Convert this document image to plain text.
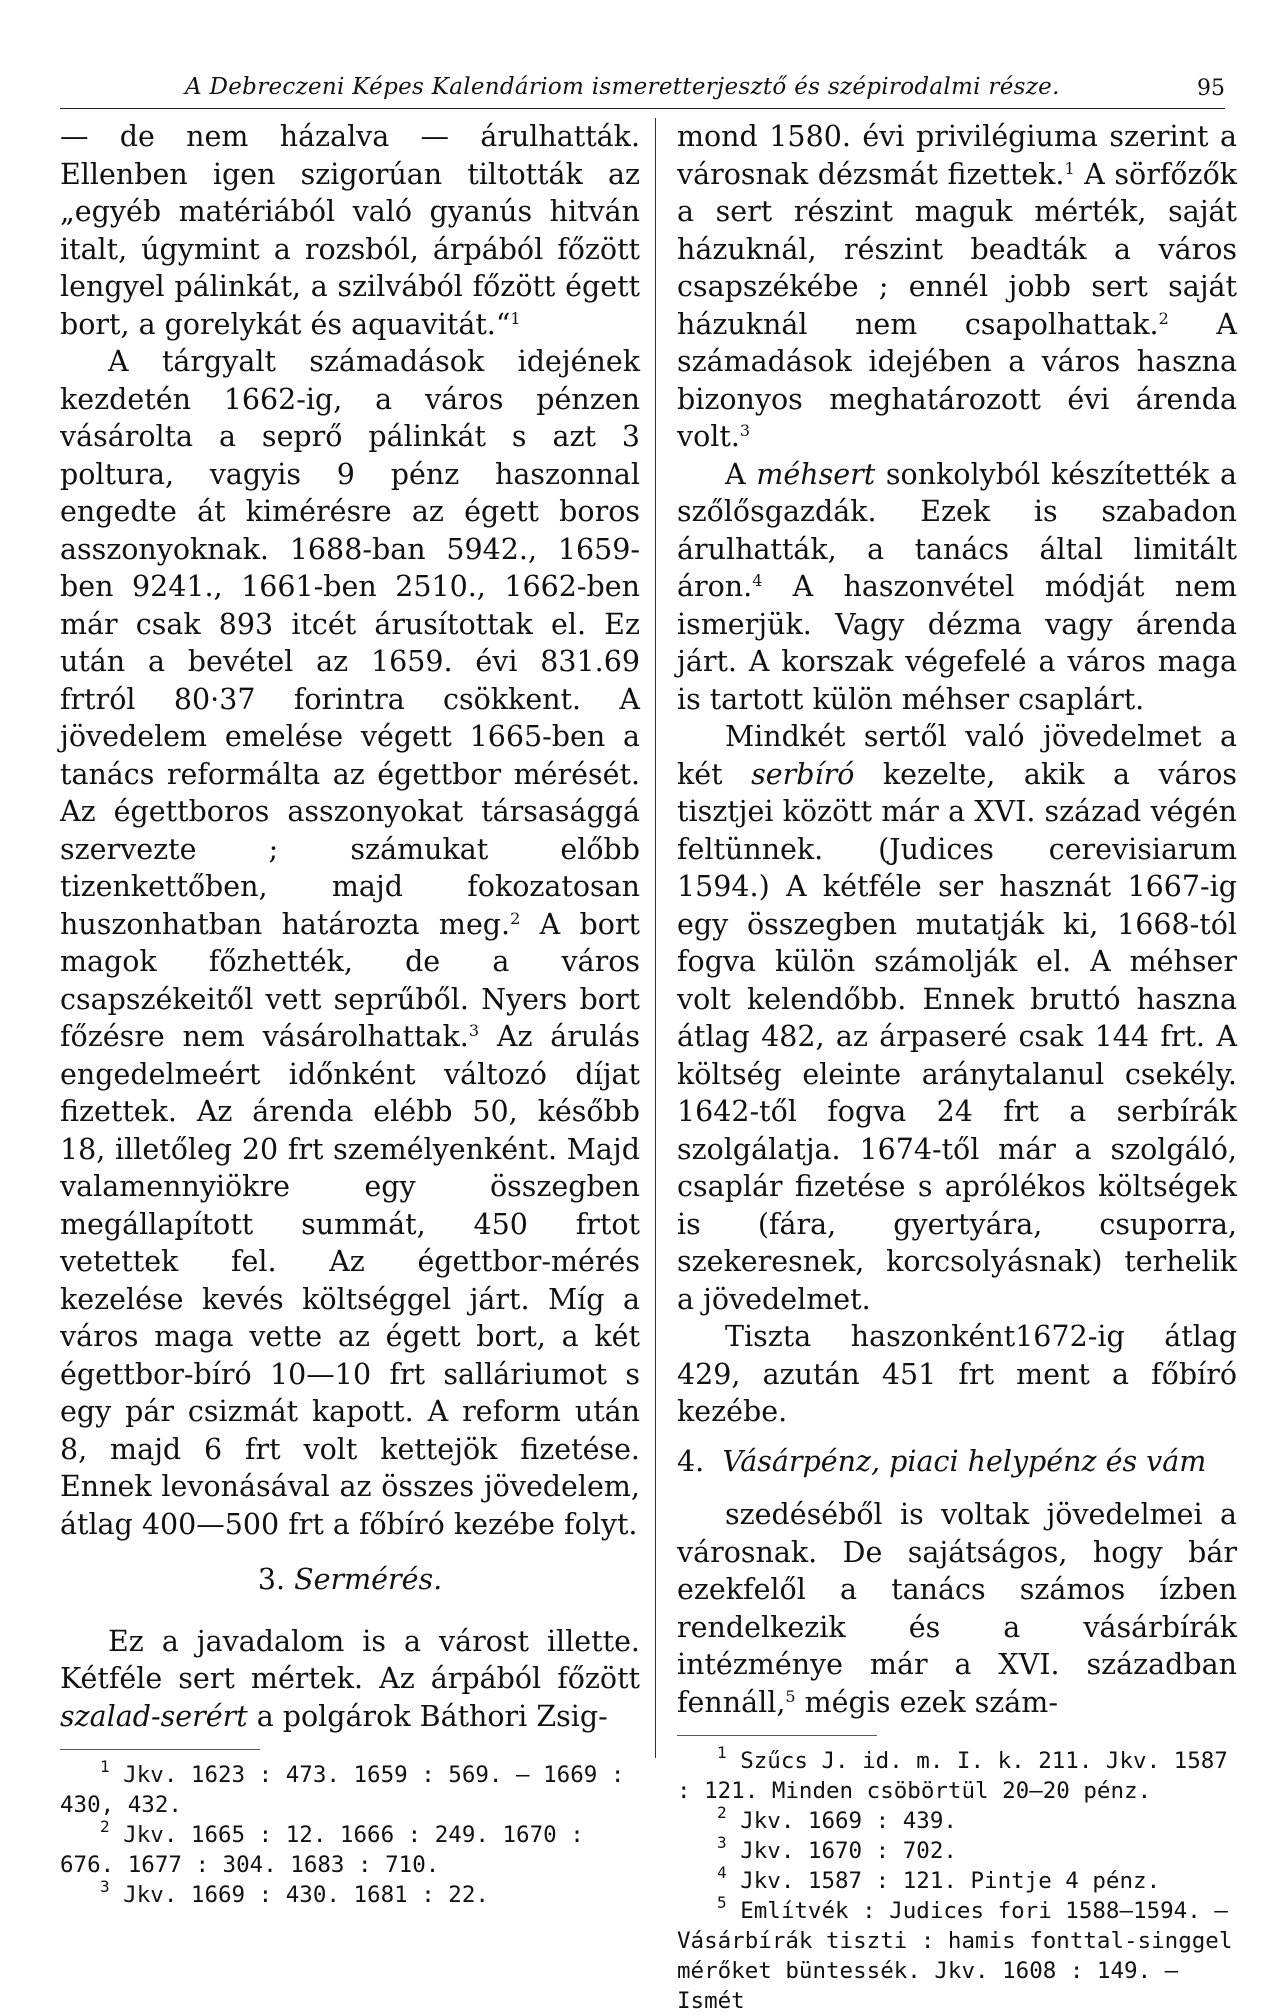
A Debreczeni Képes Kalendáriom ismeretterjesztő és szépirodalmi része.	95

— de nem házalva — árulhatták. Ellenben igen szigorúan tiltották az „egyéb matériából való gyanús hitván italt, úgymint a rozsból, árpából főzött lengyel pálinkát, a szilvából főzött égett bort, a gorelykát és aquavitát.“$^1$

A tárgyalt számadások idejének kezdetén 1662-ig, a város pénzen vásárolta a seprő pálinkát s azt 3 poltura, vagyis 9 pénz haszonnal engedte át kimérésre az égett boros asszonyoknak. 1688-ban 5942., 1659-ben 9241., 1661-ben 2510., 1662-ben már csak 893 itcét árusítottak el. Ez után a bevétel az 1659. évi 831.69 frtról 80·37 forintra csökkent. A jövedelem emelése végett 1665-ben a tanács reformálta az égettbor mérését. Az égettboros asszonyokat társasággá szervezte ; számukat előbb tizenkettőben, majd fokozatosan huszonhatban határozta meg.$^2$ A bort magok főzhették, de a város csapszékeitől vett seprűből. Nyers bort főzésre nem vásárolhattak.$^3$ Az árulás engedelmeért időnként változó díjat fizettek. Az árenda elébb 50, később 18, illetőleg 20 frt személyenként. Majd valamennyiökre egy összegben megállapított summát, 450 frtot vetettek fel. Az égettbor-mérés kezelése kevés költséggel járt. Míg a város maga vette az égett bort, a két égettbor-bíró 10—10 frt salláriumot s egy pár csizmát kapott. A reform után 8, majd 6 frt volt kettejök fizetése. Ennek levonásával az összes jövedelem, átlag 400—500 frt a főbíró kezébe folyt.

3. Sermérés.

Ez a javadalom is a várost illette. Kétféle sert mértek. Az árpából főzött szalad-serért a polgárok Báthori Zsig-

$^1$ Jkv. 1623 : 473. 1659 : 569. — 1669 : 430, 432.

$^2$ Jkv. 1665 : 12. 1666 : 249. 1670 : 676. 1677 : 304. 1683 : 710.

$^3$ Jkv. 1669 : 430. 1681 : 22.

mond 1580. évi privilégiuma szerint a városnak dézsmát fizettek.$^1$ A sörfőzők a sert részint maguk mérték, saját házuknál, részint beadták a város csapszékébe ; ennél jobb sert saját házuknál nem csapolhattak.$^2$ A számadások idejében a város haszna bizonyos meghatározott évi árenda volt.$^3$

A méhsert sonkolyból készítették a szőlősgazdák. Ezek is szabadon árulhatták, a tanács által limitált áron.$^4$ A haszonvétel módját nem ismerjük. Vagy dézma vagy árenda járt. A korszak végefelé a város maga is tartott külön méhser csaplárt.

Mindkét sertől való jövedelmet a két serbíró kezelte, akik a város tisztjei között már a XVI. század végén feltünnek. (Judices cerevisiarum 1594.) A kétféle ser hasznát 1667-ig egy összegben mutatják ki, 1668-tól fogva külön számolják el. A méhser volt kelendőbb. Ennek bruttó haszna átlag 482, az árpaseré csak 144 frt. A költség eleinte aránytalanul csekély. 1642-től fogva 24 frt a serbírák szolgálatja. 1674-től már a szolgáló, csaplár fizetése s aprólékos költségek is (fára, gyertyára, csuporra, szekeresnek, korcsolyásnak) terhelik a jövedelmet.

Tiszta haszonként1672-ig átlag 429, azután 451 frt ment a főbíró kezébe.

4. Vásárpénz, piaci helypénz és vám

szedéséből is voltak jövedelmei a városnak. De sajátságos, hogy bár ezekfelől a tanács számos ízben rendelkezik és a vásárbírák intézménye már a XVI. században fennáll,$^5$ mégis ezek szám-

$^1$ Szűcs J. id. m. I. k. 211. Jkv. 1587 : 121. Minden csöbörtül 20—20 pénz.

$^2$ Jkv. 1669 : 439.

$^3$ Jkv. 1670 : 702.

$^4$ Jkv. 1587 : 121. Pintje 4 pénz.

$^5$ Említvék : Judices fori 1588—1594. — Vásárbírák tiszti : hamis fonttal-singgel mérőket büntessék. Jkv. 1608 : 149. — Ismét
